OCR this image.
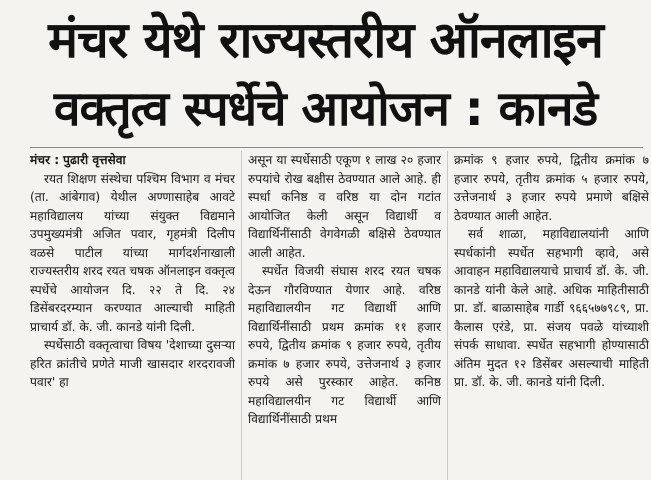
मंचर येथे राज्यस्तरीय ऑनलाइन
वक्तृत्व स्पर्धेचे आयोजन : कानडे

मंचर : पुढारी वृत्तसेवा

रयत शिक्षण संस्थेचा पश्चिम विभाग व मंचर (ता. आंबेगाव) येथील अण्णासाहेब आवटे महाविद्यालय यांच्या संयुक्त विद्यमाने उपमुख्यमंत्री अजित पवार, गृहमंत्री दिलीप वळसे पाटील यांच्या मार्गदर्शनाखाली राज्यस्तरीय शरद रयत चषक ऑनलाइन वक्तृत्व स्पर्धेचे आयोजन दि. २२ ते दि. २४ डिसेंबरदरम्यान करण्यात आल्याची माहिती प्राचार्य डॉ. के. जी. कानडे यांनी दिली.

स्पर्धेसाठी वक्तृत्वाचा विषय 'देशाच्या दुसऱ्या हरित क्रांतीचे प्रणेते माजी खासदार शरदरावजी पवार' हा

असून या स्पर्धेसाठी एकूण १ लाख २० हजार रुपयांचे रोख बक्षीस ठेवण्यात आले आहे. ही स्पर्धा कनिष्ठ व वरिष्ठ या दोन गटांत आयोजित केली असून विद्यार्थी व विद्यार्थिनींसाठी वेगवेगळी बक्षिसे ठेवण्यात आली आहेत.

स्पर्धेत विजयी संघास शरद रयत चषक देऊन गौरविण्यात येणार आहे. वरिष्ठ महाविद्यालयीन गट विद्यार्थी आणि विद्यार्थिनींसाठी प्रथम क्रमांक ११ हजार रुपये, द्वितीय क्रमांक ९ हजार रुपये, तृतीय क्रमांक ७ हजार रुपये, उत्तेजनार्थ ३ हजार रुपये असे पुरस्कार आहेत. कनिष्ठ महाविद्यालयीन गट विद्यार्थी आणि विद्यार्थिनींसाठी प्रथम

क्रमांक ९ हजार रुपये, द्वितीय क्रमांक ७ हजार रुपये, तृतीय क्रमांक ५ हजार रुपये, उत्तेजनार्थ ३ हजार रुपये प्रमाणे बक्षिसे ठेवण्यात आली आहेत.

सर्व शाळा, महाविद्यालयांनी आणि स्पर्धकांनी स्पर्धेत सहभागी व्हावे, असे आवाहन महाविद्यालयाचे प्राचार्य डॉ. के. जी. कानडे यांनी केले आहे. अधिक माहितीसाठी प्रा. डॉ. बाळासाहेब गार्डी ९६६५७७९८९, प्रा. कैलास एरंडे, प्रा. संजय पवळे यांच्याशी संपर्क साधावा. स्पर्धेत सहभागी होण्यासाठी अंतिम मुदत १२ डिसेंबर असल्याची माहिती प्रा. डॉ. के. जी. कानडे यांनी दिली.
